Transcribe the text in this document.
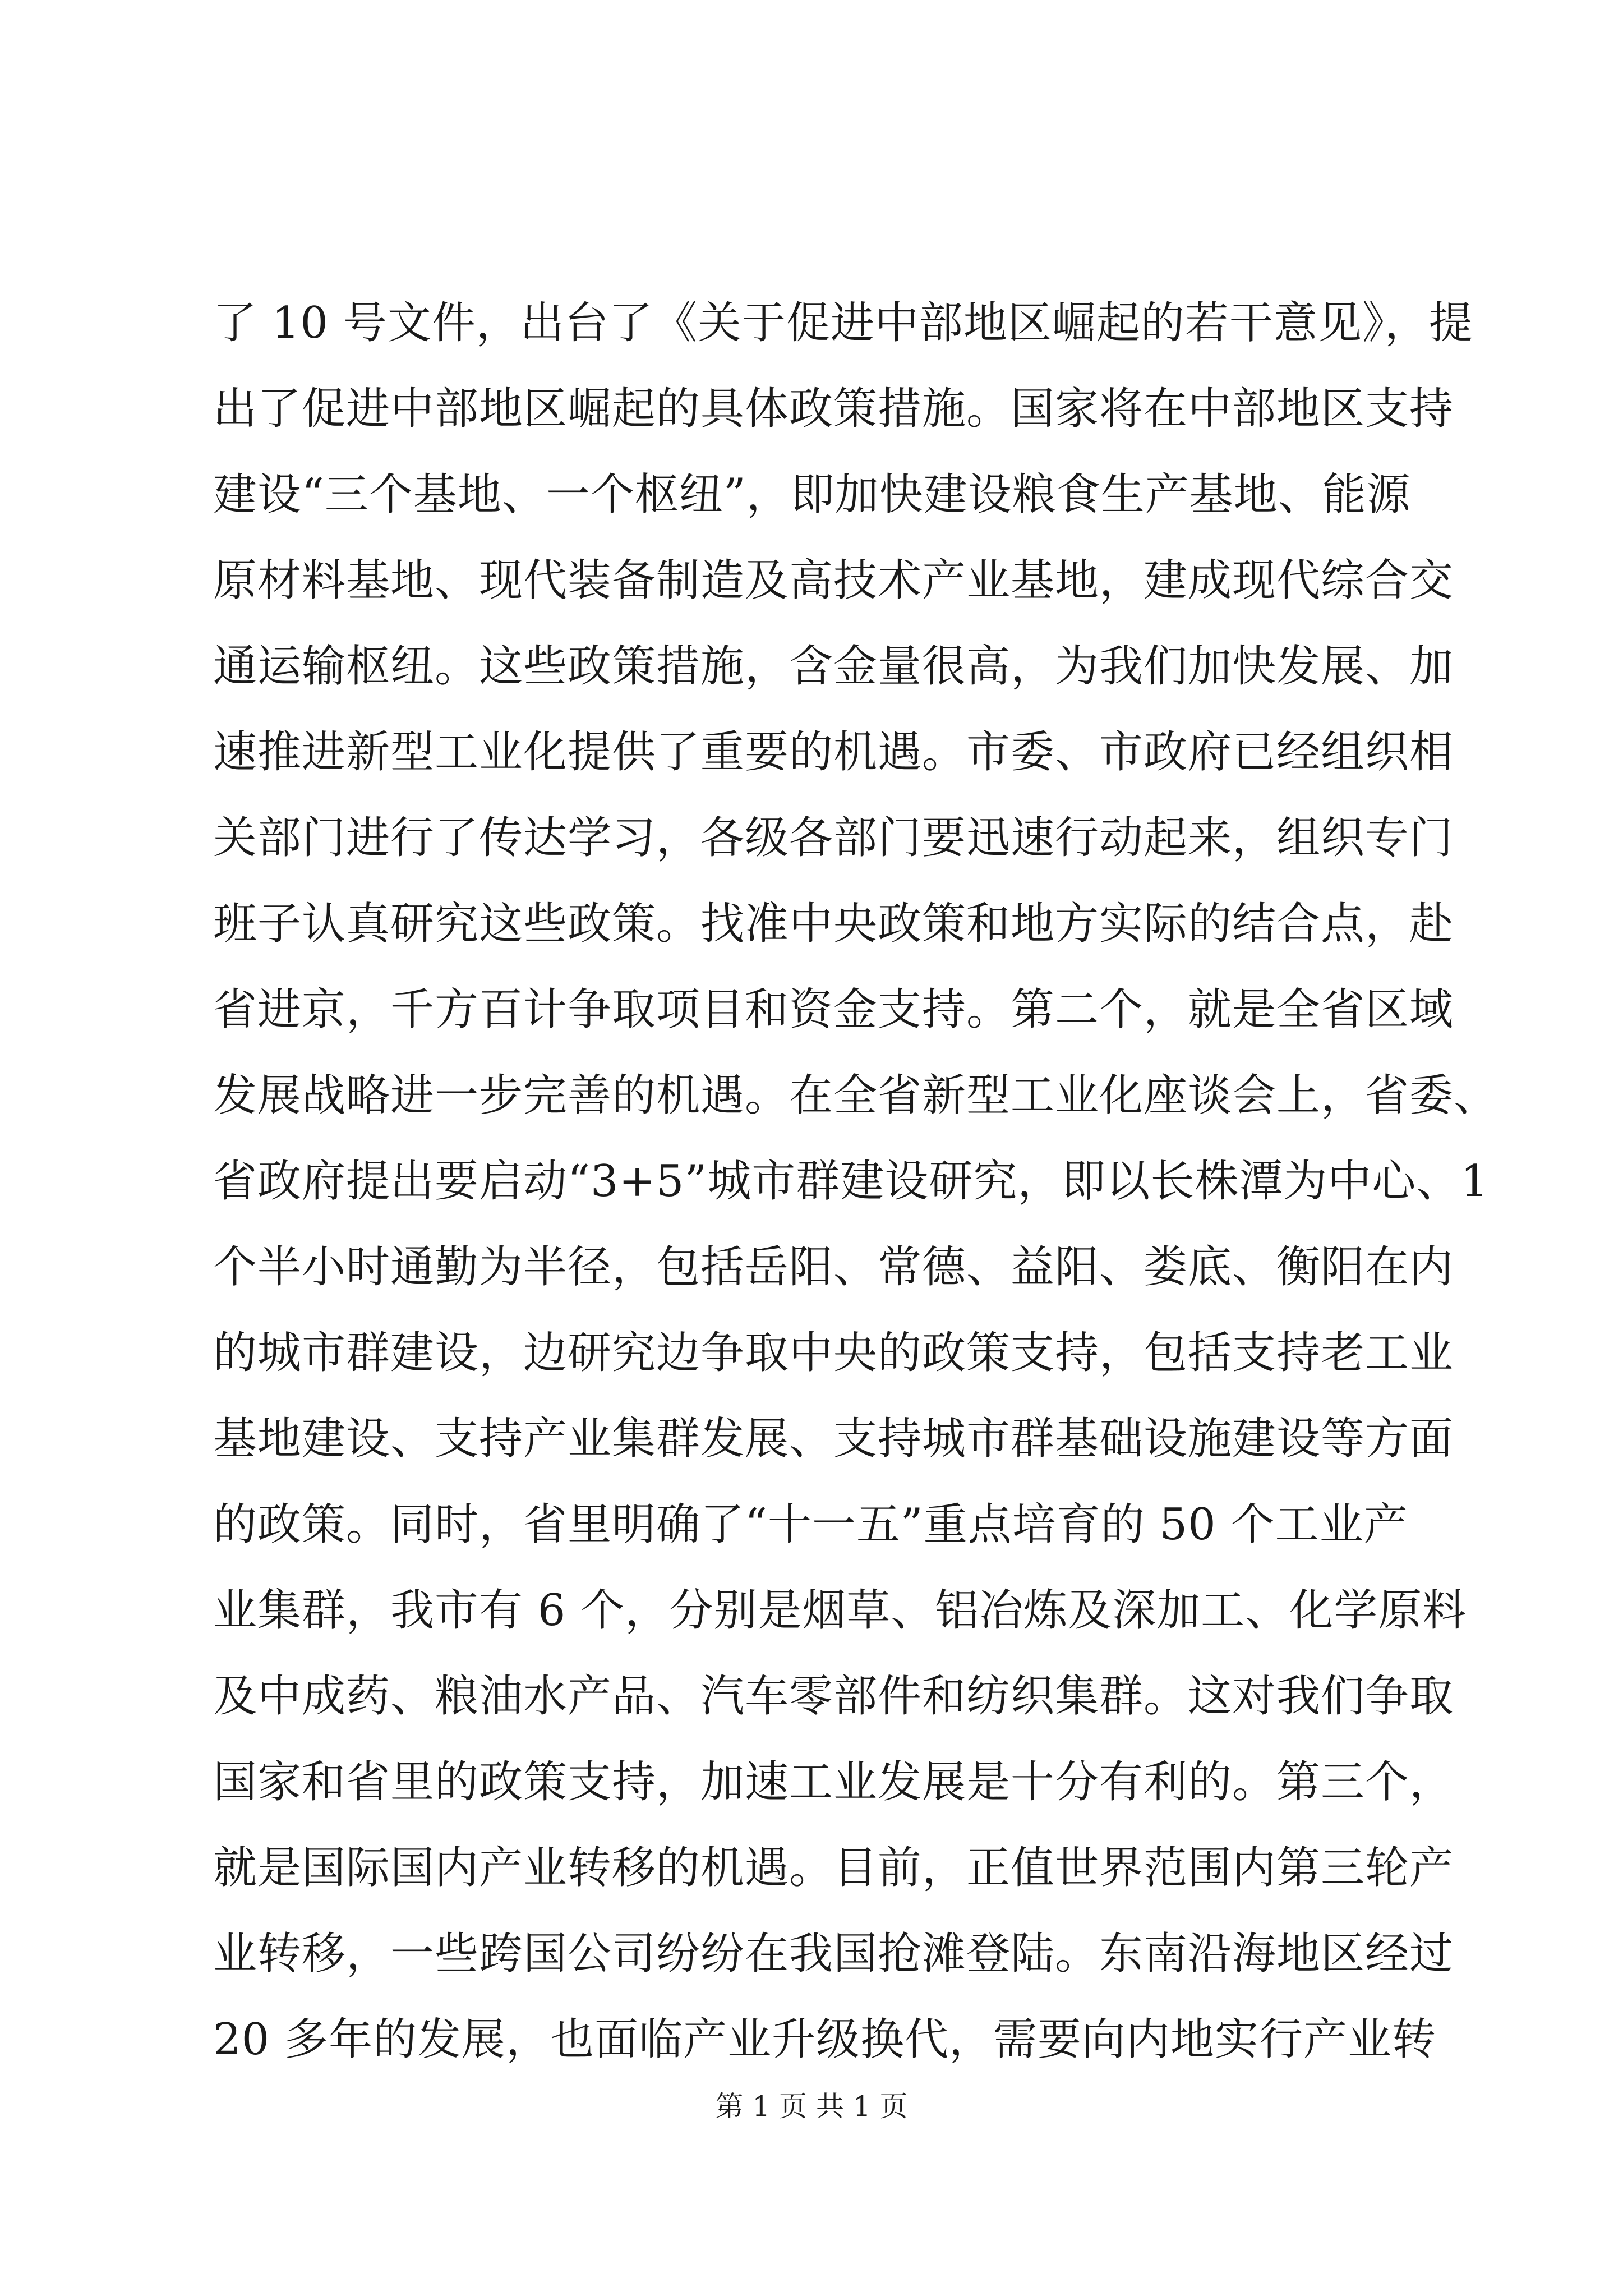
了 10 号文件，出台了《关于促进中部地区崛起的若干意见》，提
出了促进中部地区崛起的具体政策措施。国家将在中部地区支持
建设“三个基地、一个枢纽”，即加快建设粮食生产基地、能源
原材料基地、现代装备制造及高技术产业基地，建成现代综合交
通运输枢纽。这些政策措施，含金量很高，为我们加快发展、加
速推进新型工业化提供了重要的机遇。市委、市政府已经组织相
关部门进行了传达学习，各级各部门要迅速行动起来，组织专门
班子认真研究这些政策。找准中央政策和地方实际的结合点，赴
省进京，千方百计争取项目和资金支持。第二个，就是全省区域
发展战略进一步完善的机遇。在全省新型工业化座谈会上，省委、
省政府提出要启动“3+5”城市群建设研究，即以长株潭为中心、1
个半小时通勤为半径，包括岳阳、常德、益阳、娄底、衡阳在内
的城市群建设，边研究边争取中央的政策支持，包括支持老工业
基地建设、支持产业集群发展、支持城市群基础设施建设等方面
的政策。同时，省里明确了“十一五”重点培育的 50 个工业产
业集群，我市有 6 个，分别是烟草、铝冶炼及深加工、化学原料
及中成药、粮油水产品、汽车零部件和纺织集群。这对我们争取
国家和省里的政策支持，加速工业发展是十分有利的。第三个，
就是国际国内产业转移的机遇。目前，正值世界范围内第三轮产
业转移，一些跨国公司纷纷在我国抢滩登陆。东南沿海地区经过
20 多年的发展，也面临产业升级换代，需要向内地实行产业转
第 1 页 共 1 页
